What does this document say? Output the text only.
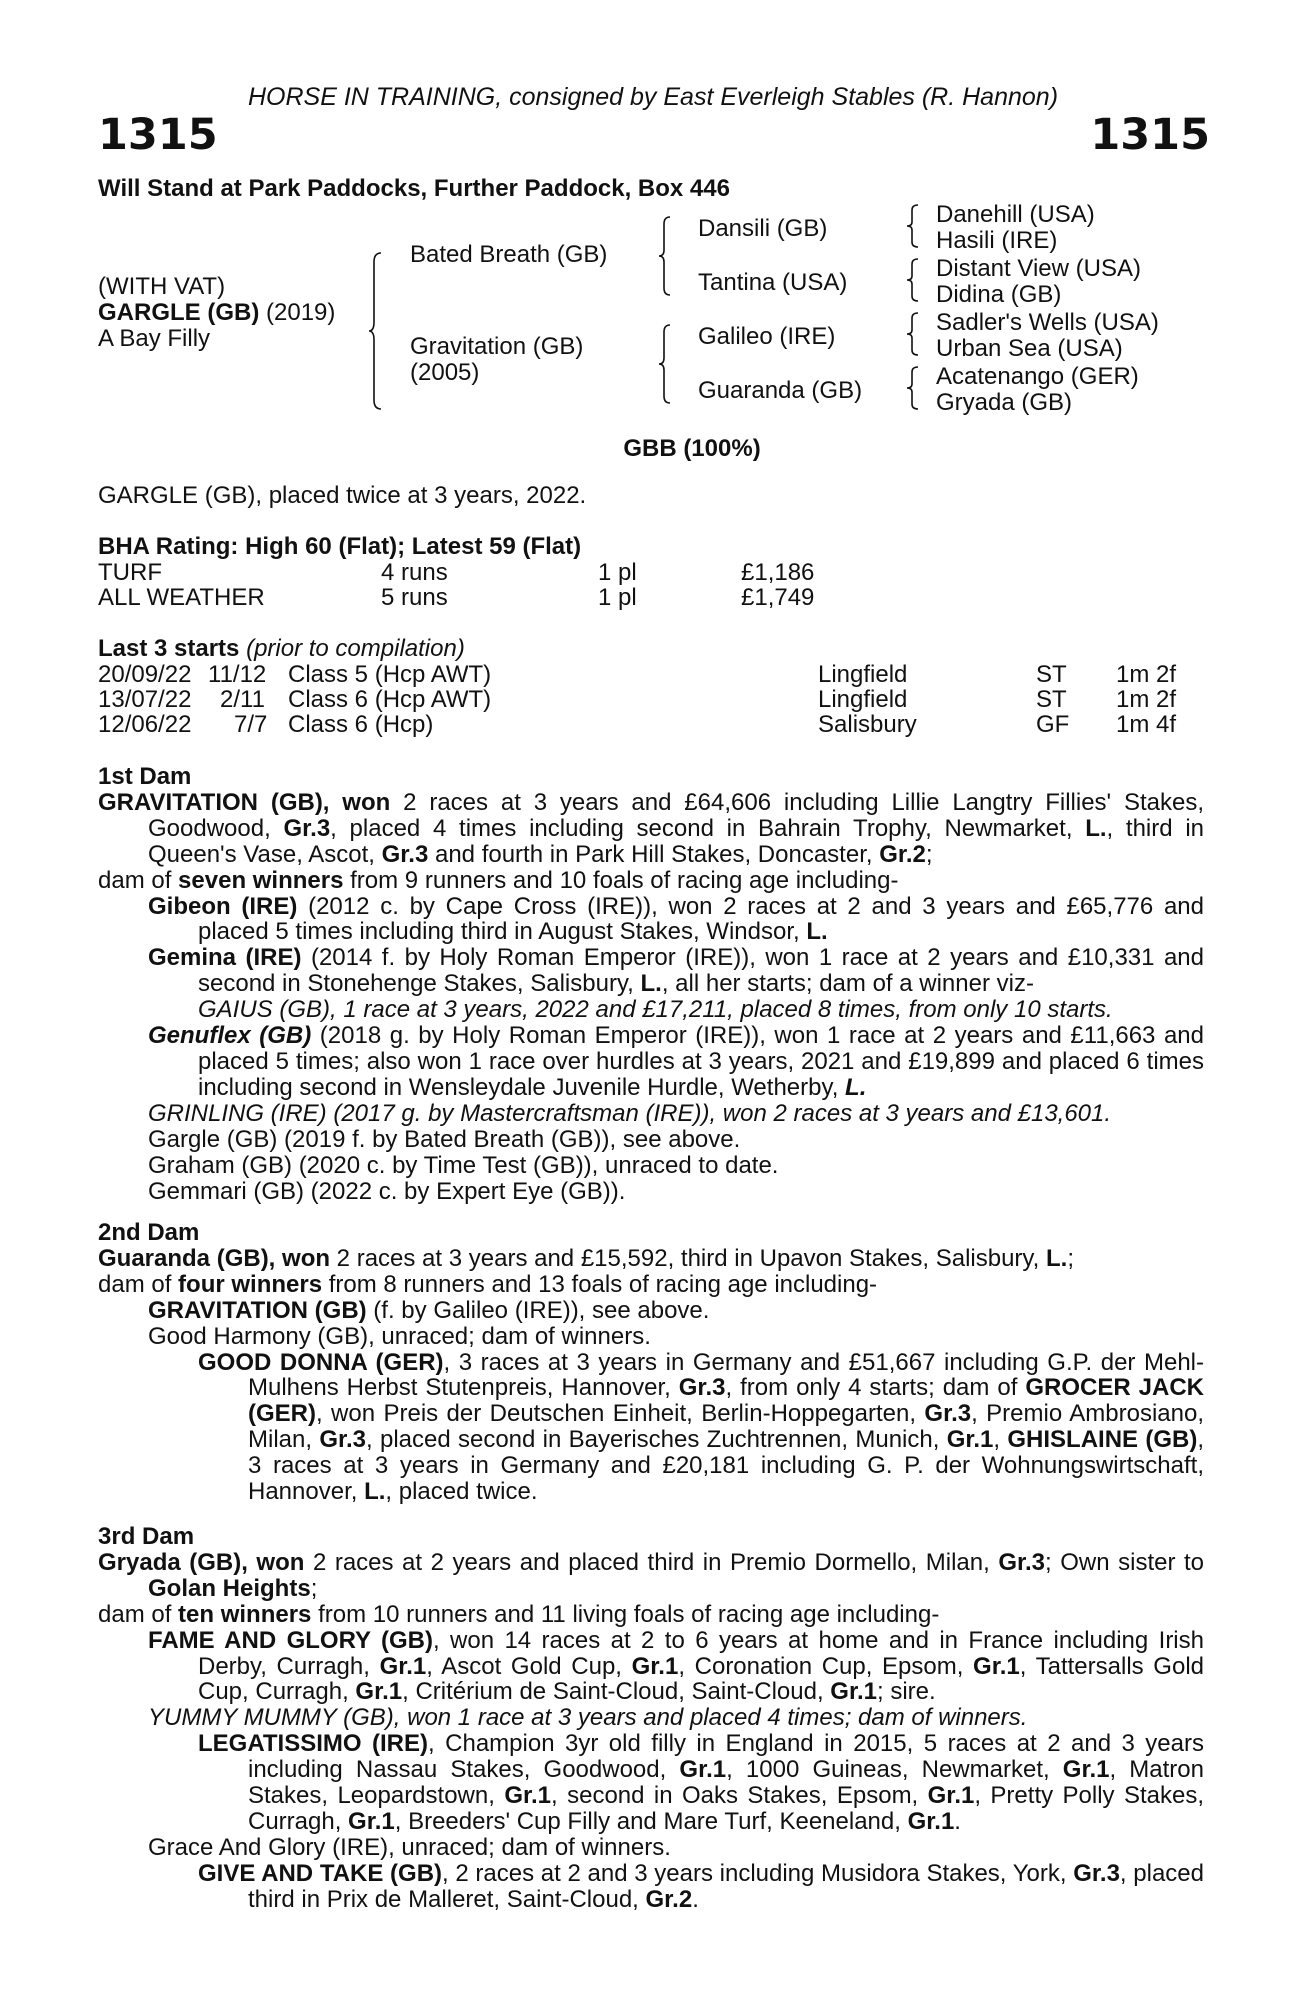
HORSE IN TRAINING, consigned by East Everleigh Stables (R. Hannon)
1315	1315
Will Stand at Park Paddocks, Further Paddock, Box 446
(WITH VAT)
GARGLE (GB) (2019)
A Bay Filly
Bated Breath (GB)
Gravitation (GB)
(2005)
Dansili (GB)
Tantina (USA)
Galileo (IRE)
Guaranda (GB)
Danehill (USA)
Hasili (IRE)
Distant View (USA)
Didina (GB)
Sadler's Wells (USA)
Urban Sea (USA)
Acatenango (GER)
Gryada (GB)
GBB (100%)
GARGLE (GB), placed twice at 3 years, 2022.
BHA Rating: High 60 (Flat); Latest 59 (Flat)
TURF	4 runs	1 pl	£1,186
ALL WEATHER	5 runs	1 pl	£1,749
Last 3 starts (prior to compilation)
20/09/22 11/12 Class 5 (Hcp AWT)	Lingfield	ST 1m 2f
13/07/22 2/11 Class 6 (Hcp AWT)	Lingfield	ST 1m 2f
12/06/22 7/7 Class 6 (Hcp)	Salisbury	GF 1m 4f
1st Dam

GRAVITATION (GB), won 2 races at 3 years and £64,606 including Lillie Langtry Fillies' Stakes, Goodwood, Gr.3, placed 4 times including second in Bahrain Trophy, Newmarket, L., third in Queen's Vase, Ascot, Gr.3 and fourth in Park Hill Stakes, Doncaster, Gr.2;

dam of seven winners from 9 runners and 10 foals of racing age including-

Gibeon (IRE) (2012 c. by Cape Cross (IRE)), won 2 races at 2 and 3 years and £65,776 and placed 5 times including third in August Stakes, Windsor, L.

Gemina (IRE) (2014 f. by Holy Roman Emperor (IRE)), won 1 race at 2 years and £10,331 and second in Stonehenge Stakes, Salisbury, L., all her starts; dam of a winner viz-

GAIUS (GB), 1 race at 3 years, 2022 and £17,211, placed 8 times, from only 10 starts.

Genuflex (GB) (2018 g. by Holy Roman Emperor (IRE)), won 1 race at 2 years and £11,663 and placed 5 times; also won 1 race over hurdles at 3 years, 2021 and £19,899 and placed 6 times including second in Wensleydale Juvenile Hurdle, Wetherby, L.

GRINLING (IRE) (2017 g. by Mastercraftsman (IRE)), won 2 races at 3 years and £13,601.

Gargle (GB) (2019 f. by Bated Breath (GB)), see above.

Graham (GB) (2020 c. by Time Test (GB)), unraced to date.

Gemmari (GB) (2022 c. by Expert Eye (GB)).

2nd Dam

Guaranda (GB), won 2 races at 3 years and £15,592, third in Upavon Stakes, Salisbury, L.;

dam of four winners from 8 runners and 13 foals of racing age including-

GRAVITATION (GB) (f. by Galileo (IRE)), see above.

Good Harmony (GB), unraced; dam of winners.

GOOD DONNA (GER), 3 races at 3 years in Germany and £51,667 including G.P. der Mehl-Mulhens Herbst Stutenpreis, Hannover, Gr.3, from only 4 starts; dam of GROCER JACK (GER), won Preis der Deutschen Einheit, Berlin-Hoppegarten, Gr.3, Premio Ambrosiano, Milan, Gr.3, placed second in Bayerisches Zuchtrennen, Munich, Gr.1, GHISLAINE (GB), 3 races at 3 years in Germany and £20,181 including G. P. der Wohnungswirtschaft, Hannover, L., placed twice.

3rd Dam

Gryada (GB), won 2 races at 2 years and placed third in Premio Dormello, Milan, Gr.3; Own sister to Golan Heights;

dam of ten winners from 10 runners and 11 living foals of racing age including-

FAME AND GLORY (GB), won 14 races at 2 to 6 years at home and in France including Irish Derby, Curragh, Gr.1, Ascot Gold Cup, Gr.1, Coronation Cup, Epsom, Gr.1, Tattersalls Gold Cup, Curragh, Gr.1, Critérium de Saint-Cloud, Saint-Cloud, Gr.1; sire.

YUMMY MUMMY (GB), won 1 race at 3 years and placed 4 times; dam of winners.

LEGATISSIMO (IRE), Champion 3yr old filly in England in 2015, 5 races at 2 and 3 years including Nassau Stakes, Goodwood, Gr.1, 1000 Guineas, Newmarket, Gr.1, Matron Stakes, Leopardstown, Gr.1, second in Oaks Stakes, Epsom, Gr.1, Pretty Polly Stakes, Curragh, Gr.1, Breeders' Cup Filly and Mare Turf, Keeneland, Gr.1.

Grace And Glory (IRE), unraced; dam of winners.

GIVE AND TAKE (GB), 2 races at 2 and 3 years including Musidora Stakes, York, Gr.3, placed third in Prix de Malleret, Saint-Cloud, Gr.2.
